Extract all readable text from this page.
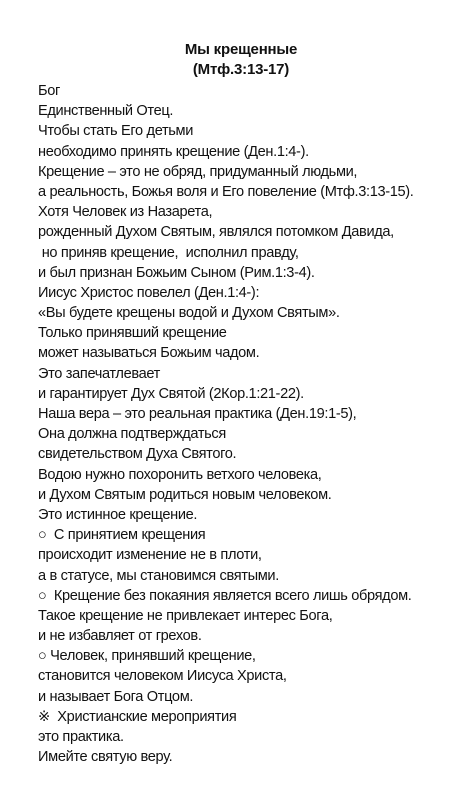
Мы крещенные
(Мтф.3:13-17)
Бог
Единственный Отец.
Чтобы стать Его детьми
необходимо принять крещение (Ден.1:4-).
Крещение – это не обряд, придуманный людьми,
а реальность, Божья воля и Его повеление (Мтф.3:13-15).
Хотя Человек из Назарета,
рожденный Духом Святым, являлся потомком Давида,
но приняв крещение,  исполнил правду,
и был признан Божьим Сыном (Рим.1:3-4).
Иисус Христос повелел (Ден.1:4-):
«Вы будете крещены водой и Духом Святым».
Только принявший крещение
может называться Божьим чадом.
Это запечатлевает
и гарантирует Дух Святой (2Кор.1:21-22).
Наша вера – это реальная практика (Ден.19:1-5),
Она должна подтверждаться
свидетельством Духа Святого.
Водою нужно похоронить ветхого человека,
и Духом Святым родиться новым человеком.
Это истинное крещение.
○  С принятием крещения
происходит изменение не в плоти,
а в статусе, мы становимся святыми.
○  Крещение без покаяния является всего лишь обрядом.
Такое крещение не привлекает интерес Бога,
и не избавляет от грехов.
○ Человек, принявший крещение,
становится человеком Иисуса Христа,
и называет Бога Отцом.
※  Христианские мероприятия
это практика.
Имейте святую веру.
